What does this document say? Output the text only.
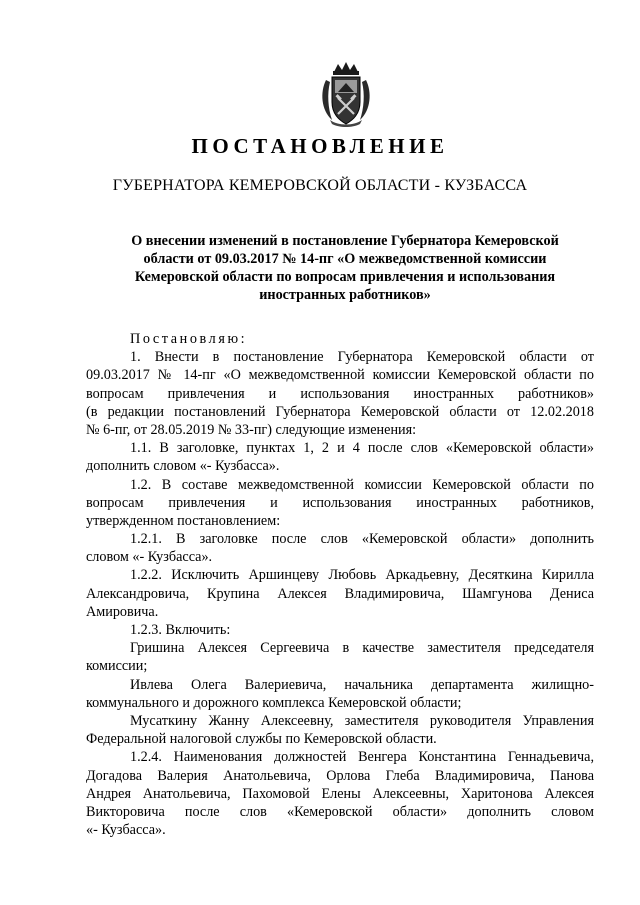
ПОСТАНОВЛЕНИЕ
ГУБЕРНАТОРА КЕМЕРОВСКОЙ ОБЛАСТИ - КУЗБАССА
О внесении изменений в постановление Губернатора Кемеровской
области от 09.03.2017 № 14-пг «О межведомственной комиссии
Кемеровской области по вопросам привлечения и использования
иностранных работников»
Постановляю:
1. Внести в постановление Губернатора Кемеровской области от
09.03.2017 № 14-пг «О межведомственной комиссии Кемеровской области по
вопросам привлечения и использования иностранных работников»
(в редакции постановлений Губернатора Кемеровской области от 12.02.2018
№ 6-пг, от 28.05.2019 № 33-пг) следующие изменения:
1.1. В заголовке, пунктах 1, 2 и 4 после слов «Кемеровской области»
дополнить словом «- Кузбасса».
1.2. В составе межведомственной комиссии Кемеровской области по
вопросам привлечения и использования иностранных работников,
утвержденном постановлением:
1.2.1. В заголовке после слов «Кемеровской области» дополнить
словом «- Кузбасса».
1.2.2. Исключить Аршинцеву Любовь Аркадьевну, Десяткина Кирилла
Александровича, Крупина Алексея Владимировича, Шамгунова Дениса
Амировича.
1.2.3. Включить:
Гришина Алексея Сергеевича в качестве заместителя председателя
комиссии;
Ивлева Олега Валериевича, начальника департамента жилищно-
коммунального и дорожного комплекса Кемеровской области;
Мусаткину Жанну Алексеевну, заместителя руководителя Управления
Федеральной налоговой службы по Кемеровской области.
1.2.4. Наименования должностей Венгера Константина Геннадьевича,
Догадова Валерия Анатольевича, Орлова Глеба Владимировича, Панова
Андрея Анатольевича, Пахомовой Елены Алексеевны, Харитонова Алексея
Викторовича после слов «Кемеровской области» дополнить словом
«- Кузбасса».
